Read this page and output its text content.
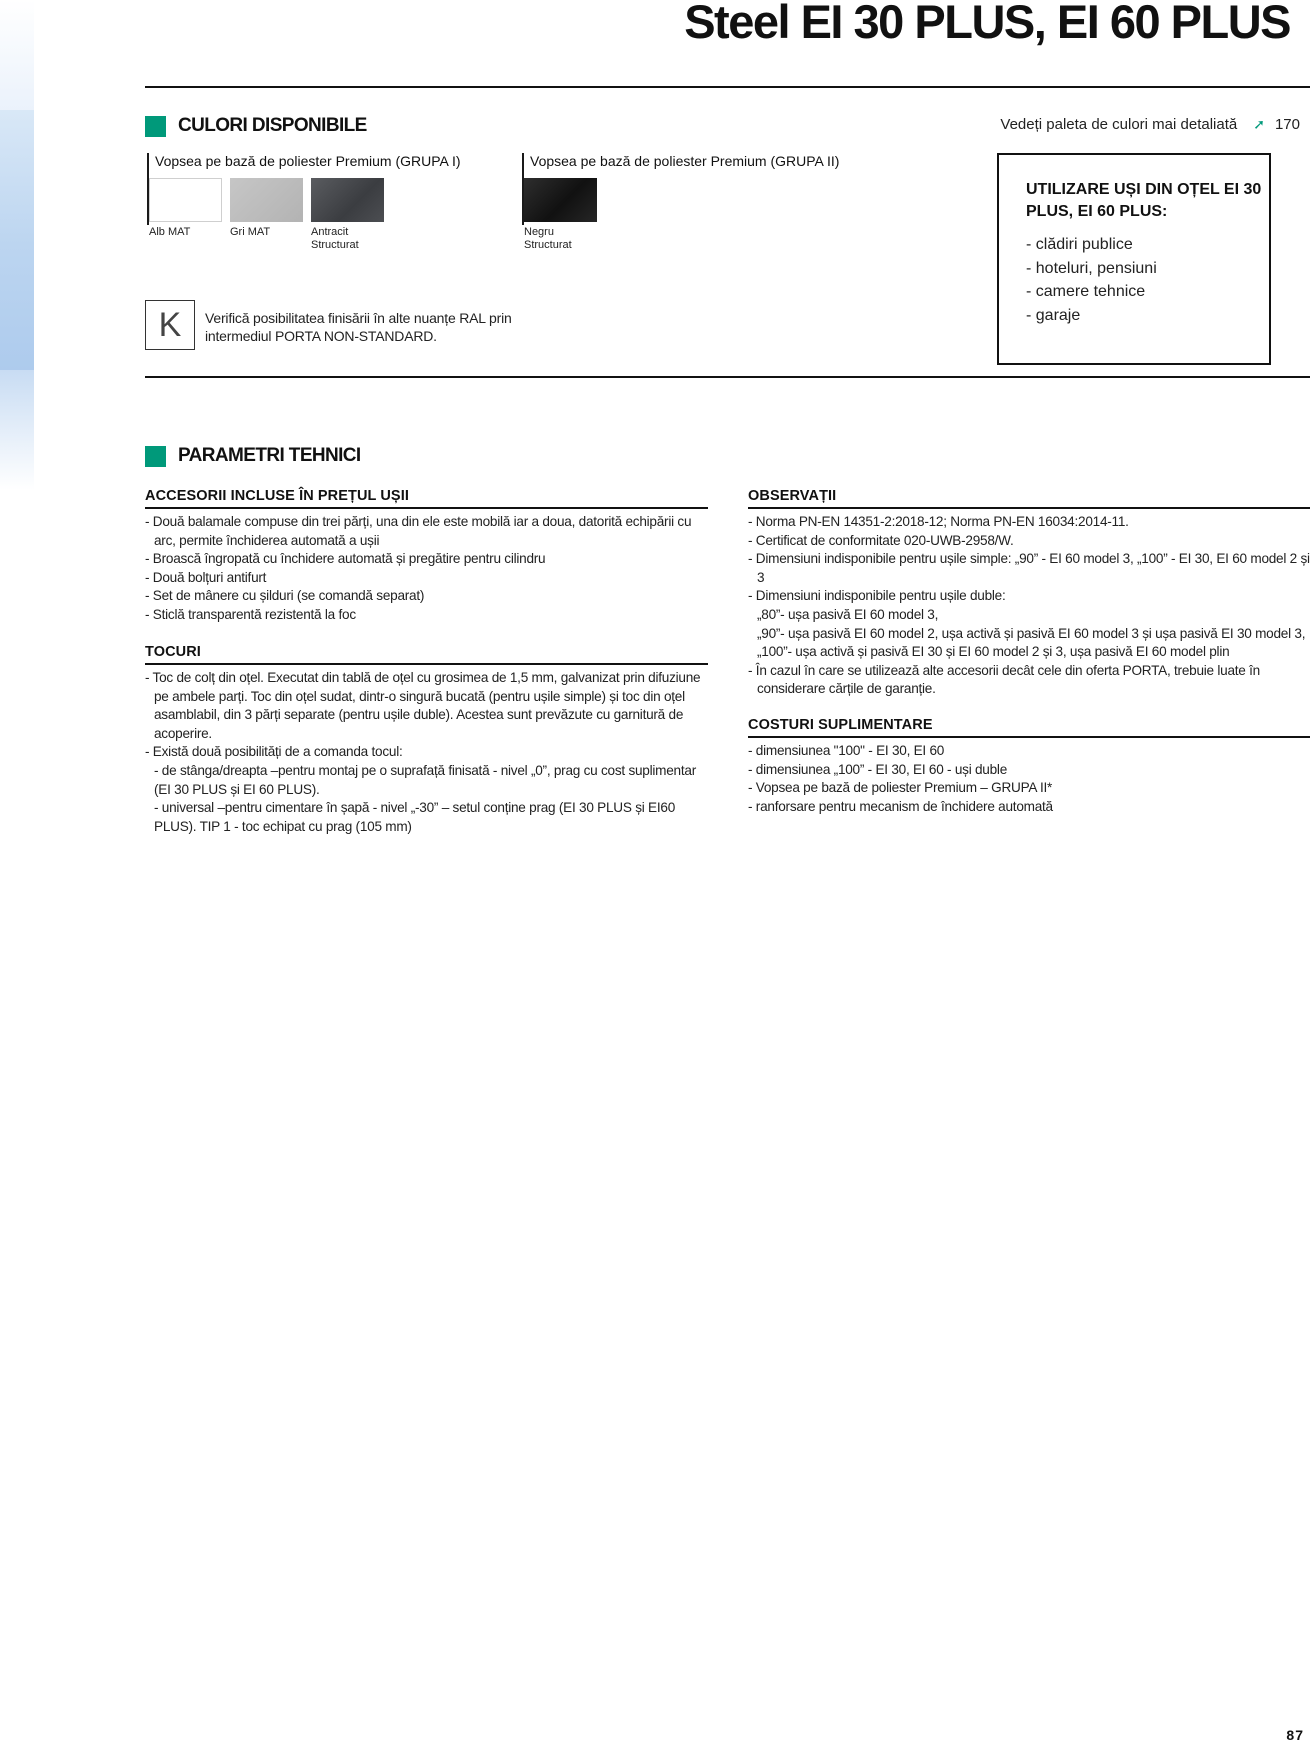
Steel EI 30 PLUS, EI 60 PLUS
CULORI DISPONIBILE	Vedeți paleta de culori mai detaliată ➚ 170
Vopsea pe bază de poliester Premium (GRUPA I)
Alb MAT	Gri MAT	Antracit Structurat
Vopsea pe bază de poliester Premium (GRUPA II)
Negru Structurat
K	Verifică posibilitatea finisării în alte nuanțe RAL prin intermediul PORTA NON-STANDARD.
UTILIZARE UȘI DIN OȚEL EI 30 PLUS, EI 60 PLUS:
- clădiri publice
- hoteluri, pensiuni
- camere tehnice
- garaje
PARAMETRI TEHNICI
ACCESORII INCLUSE ÎN PREȚUL UȘII
- Două balamale compuse din trei părți, una din ele este mobilă iar a doua, datorită echipării cu arc, permite închiderea automată a ușii
- Broască îngropată cu închidere automată și pregătire pentru cilindru
- Două bolțuri antifurt
- Set de mânere cu șilduri (se comandă separat)
- Sticlă transparentă rezistentă la foc
TOCURI
- Toc de colț din oțel. Executat din tablă de oțel cu grosimea de 1,5 mm, galvanizat prin difuziune pe ambele parți. Toc din oțel sudat, dintr-o singură bucată (pentru ușile simple) și toc din oțel asamblabil, din 3 părți separate (pentru ușile duble). Acestea sunt prevăzute cu garnitură de acoperire.
- Există două posibilități de a comanda tocul:
- de stânga/dreapta –pentru montaj pe o suprafață finisată - nivel „0”, prag cu cost suplimentar (EI 30 PLUS și EI 60 PLUS).
- universal –pentru cimentare în șapă - nivel „-30” – setul conține prag (EI 30 PLUS și EI60 PLUS). TIP 1 - toc echipat cu prag (105 mm)
OBSERVAȚII
- Norma PN-EN 14351-2:2018-12; Norma PN-EN 16034:2014-11.
- Certificat de conformitate 020-UWB-2958/W.
- Dimensiuni indisponibile pentru ușile simple: „90” - EI 60 model 3, „100” - EI 30, EI 60 model 2 și 3
- Dimensiuni indisponibile pentru ușile duble:
„80”- ușa pasivă EI 60 model 3,
„90”- ușa pasivă EI 60 model 2, ușa activă și pasivă EI 60 model 3 și ușa pasivă EI 30 model 3,
„100”- ușa activă și pasivă EI 30 și EI 60 model 2 și 3, ușa pasivă EI 60 model plin
- În cazul în care se utilizează alte accesorii decât cele din oferta PORTA, trebuie luate în considerare cărțile de garanție.
COSTURI SUPLIMENTARE
- dimensiunea "100" - EI 30, EI 60
- dimensiunea „100” - EI 30, EI 60 - uși duble
- Vopsea pe bază de poliester Premium – GRUPA II*
- ranforsare pentru mecanism de închidere automată
87
